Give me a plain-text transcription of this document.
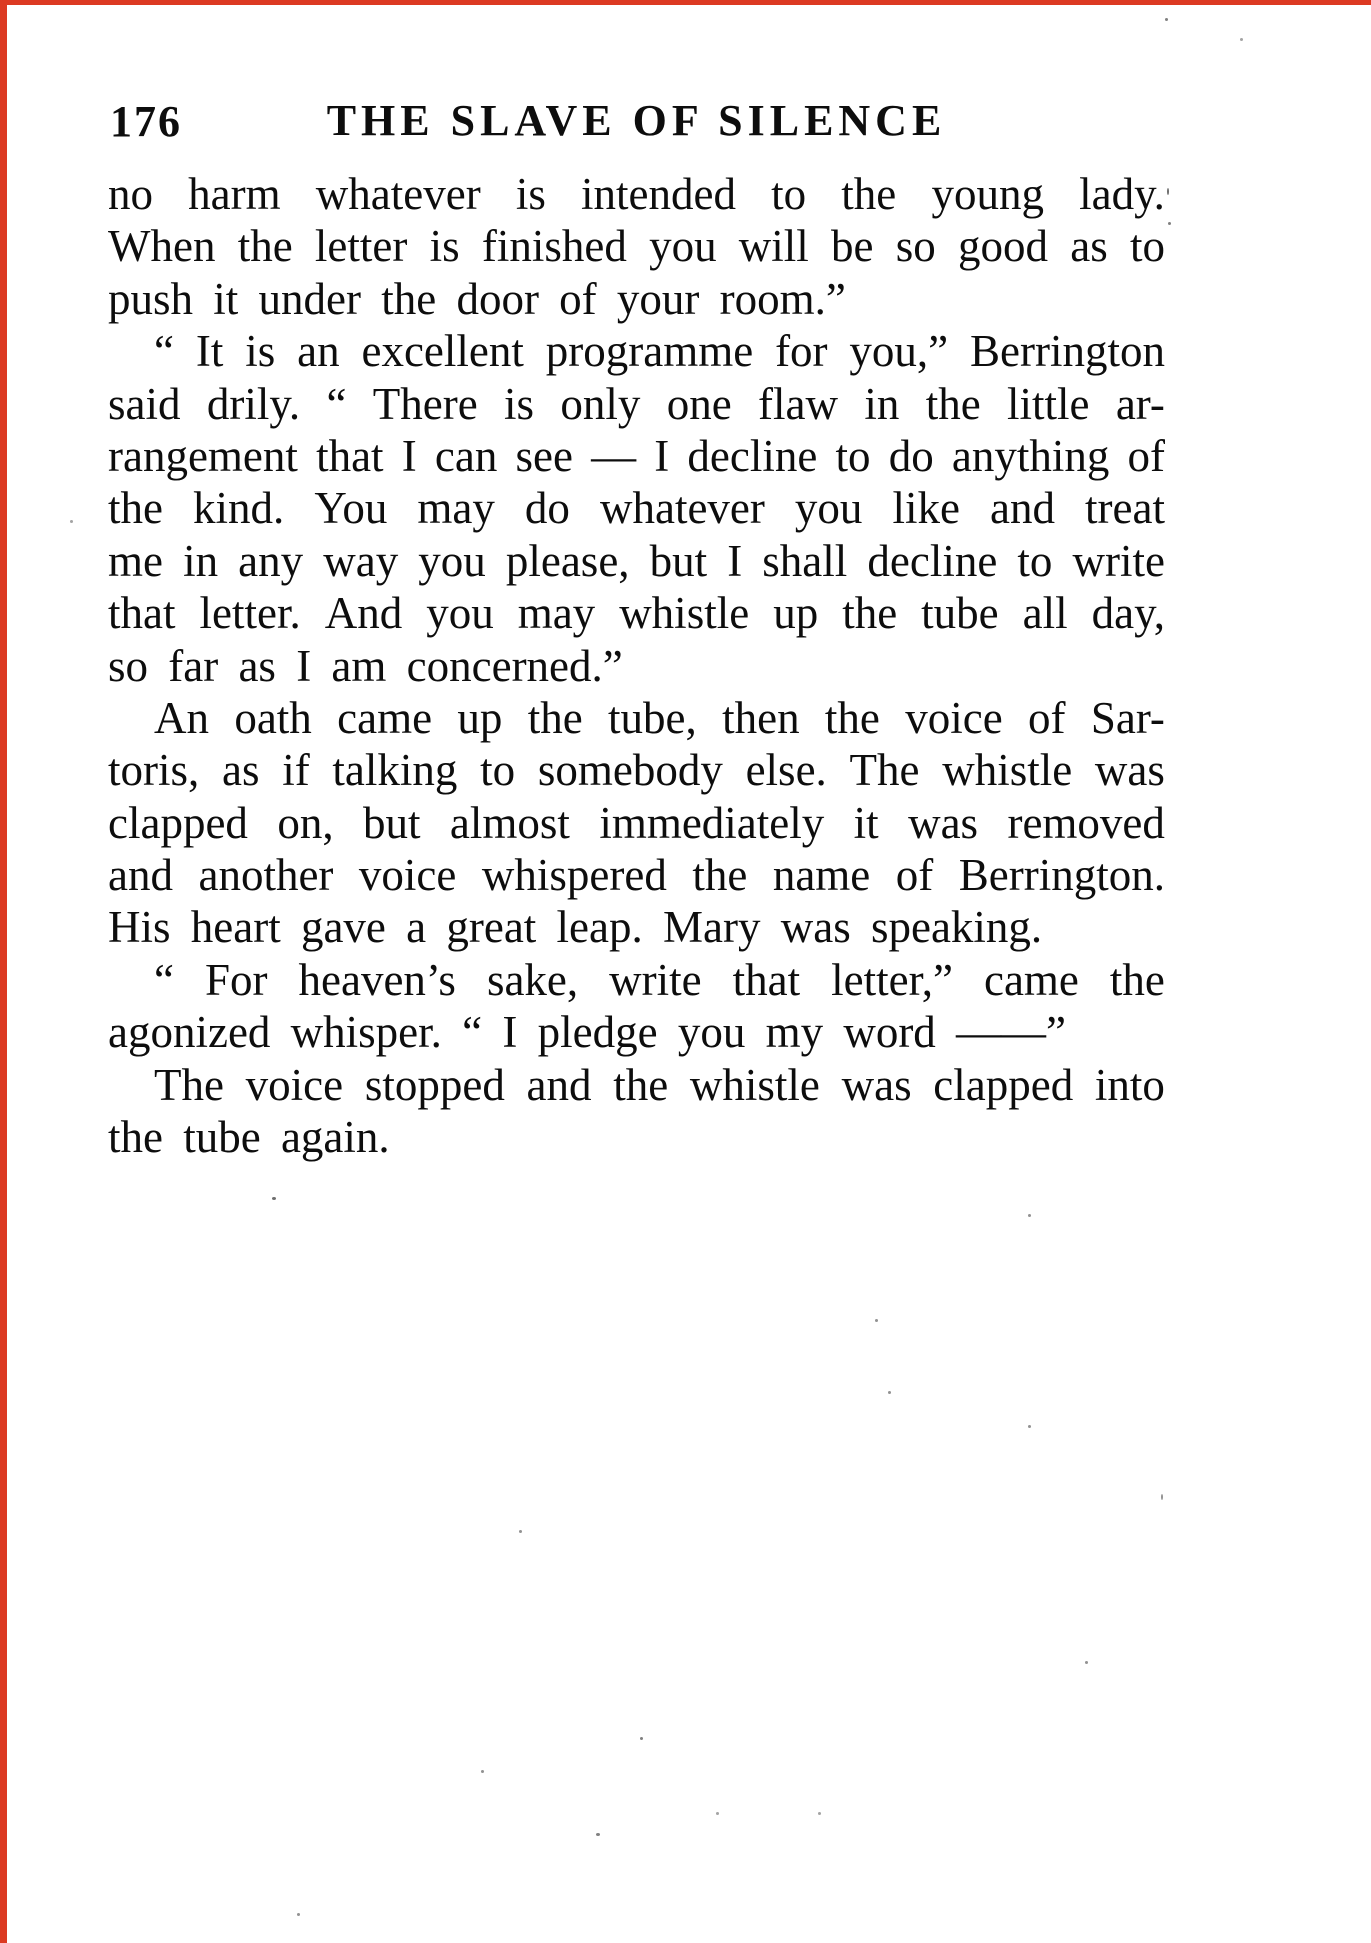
176	THE SLAVE OF SILENCE
no harm whatever is intended to the young lady.
When the letter is finished you will be so good as to
push it under the door of your room.”
“ It is an excellent programme for you,” Berrington
said drily. “ There is only one flaw in the little ar-
rangement that I can see — I decline to do anything of
the kind. You may do whatever you like and treat
me in any way you please, but I shall decline to write
that letter. And you may whistle up the tube all day,
so far as I am concerned.”
An oath came up the tube, then the voice of Sar-
toris, as if talking to somebody else. The whistle was
clapped on, but almost immediately it was removed
and another voice whispered the name of Berrington.
His heart gave a great leap. Mary was speaking.
“ For heaven’s sake, write that letter,” came the
agonized whisper. “ I pledge you my word ——”
The voice stopped and the whistle was clapped into
the tube again.
